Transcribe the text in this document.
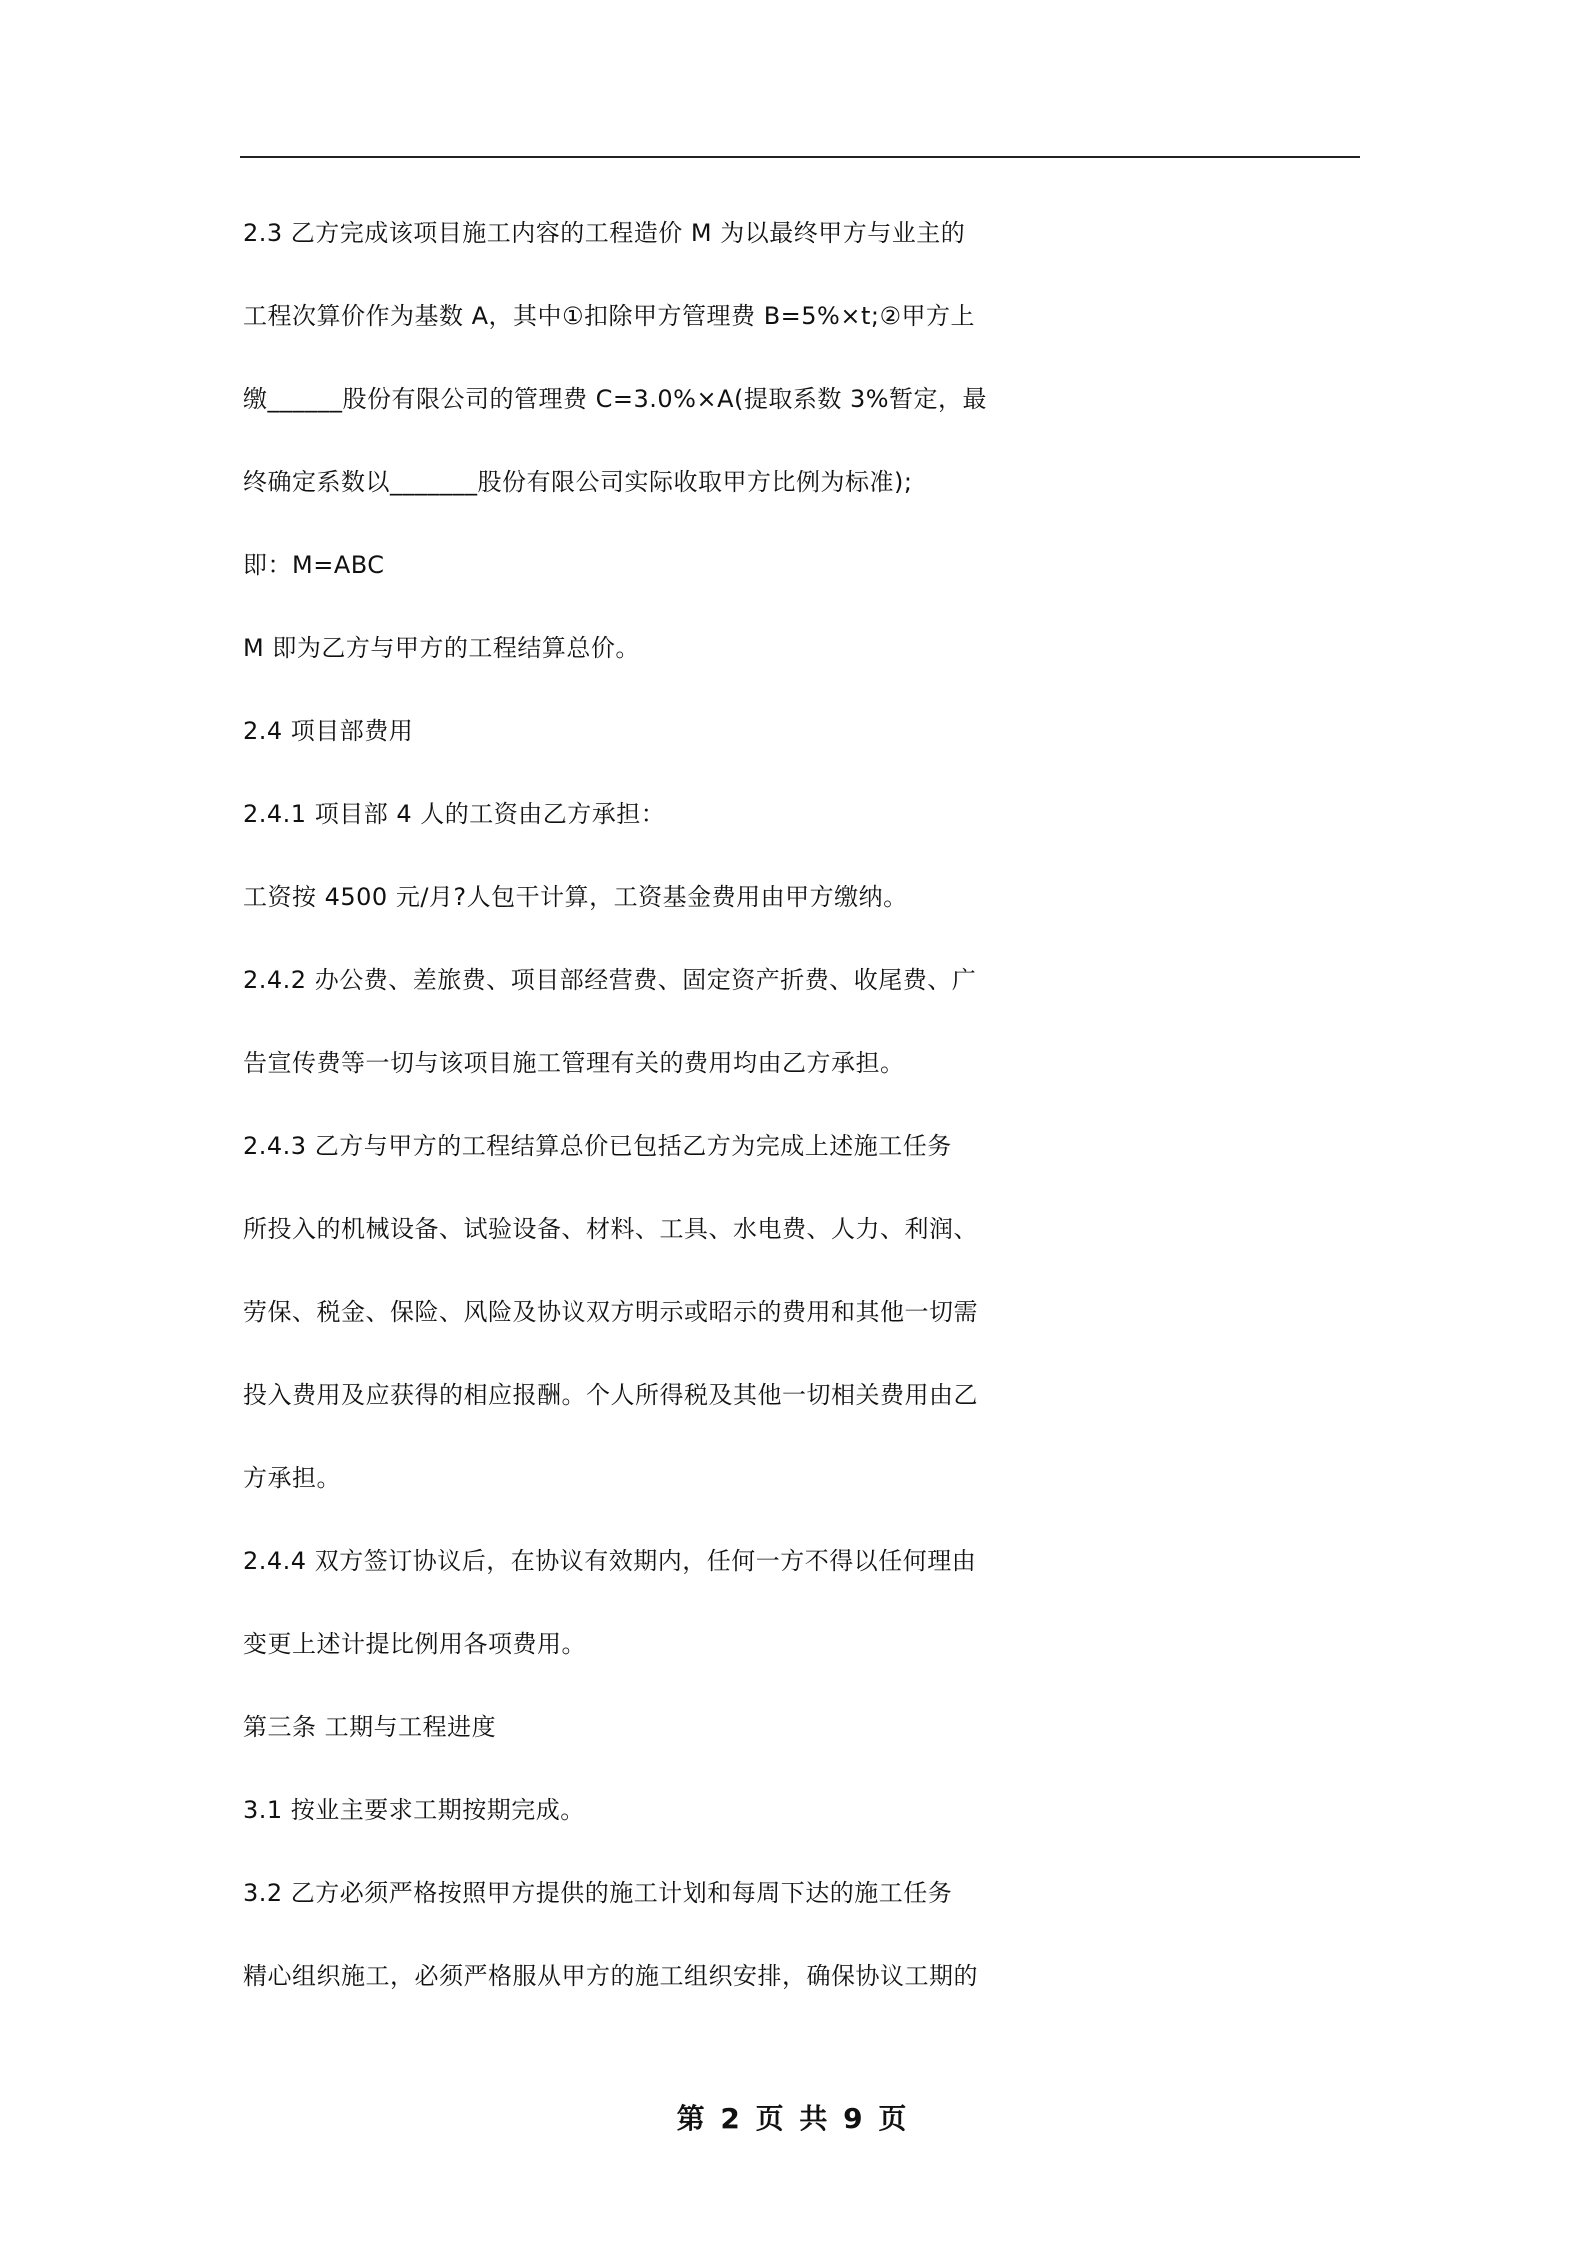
2.3 乙方完成该项目施工内容的工程造价 M 为以最终甲方与业主的
工程次算价作为基数 A，其中①扣除甲方管理费 B=5%×t;②甲方上
缴______股份有限公司的管理费 C=3.0%×A(提取系数 3%暂定，最
终确定系数以_______股份有限公司实际收取甲方比例为标准);
即：M=ABC
M 即为乙方与甲方的工程结算总价。
2.4 项目部费用
2.4.1 项目部 4 人的工资由乙方承担：
工资按 4500 元/月?人包干计算，工资基金费用由甲方缴纳。
2.4.2 办公费、差旅费、项目部经营费、固定资产折费、收尾费、广
告宣传费等一切与该项目施工管理有关的费用均由乙方承担。
2.4.3 乙方与甲方的工程结算总价已包括乙方为完成上述施工任务
所投入的机械设备、试验设备、材料、工具、水电费、人力、利润、
劳保、税金、保险、风险及协议双方明示或昭示的费用和其他一切需
投入费用及应获得的相应报酬。个人所得税及其他一切相关费用由乙
方承担。
2.4.4 双方签订协议后，在协议有效期内，任何一方不得以任何理由
变更上述计提比例用各项费用。
第三条 工期与工程进度
3.1 按业主要求工期按期完成。
3.2 乙方必须严格按照甲方提供的施工计划和每周下达的施工任务
精心组织施工，必须严格服从甲方的施工组织安排，确保协议工期的
第 2 页 共 9 页
